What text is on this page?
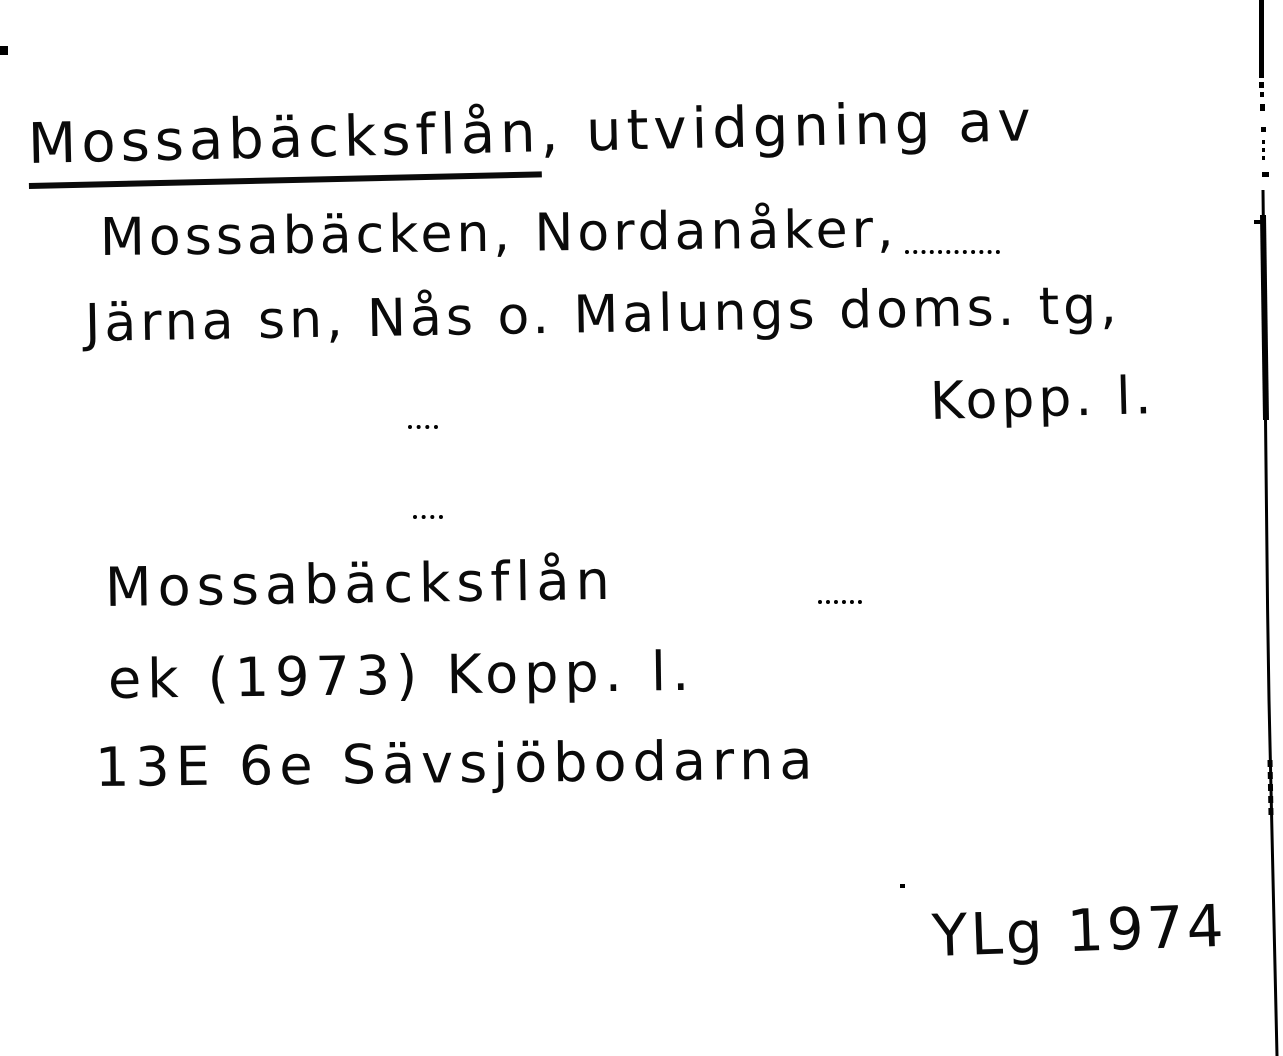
Mossabäcksflån, utvidgning av
Mossabäcken, Nordanåker,
Järna sn, Nås o. Malungs doms. tg,
Kopp. l.
Mossabäcksflån
ek (1973) Kopp. l.
13E 6e Sävsjöbodarna
YLg 1974
